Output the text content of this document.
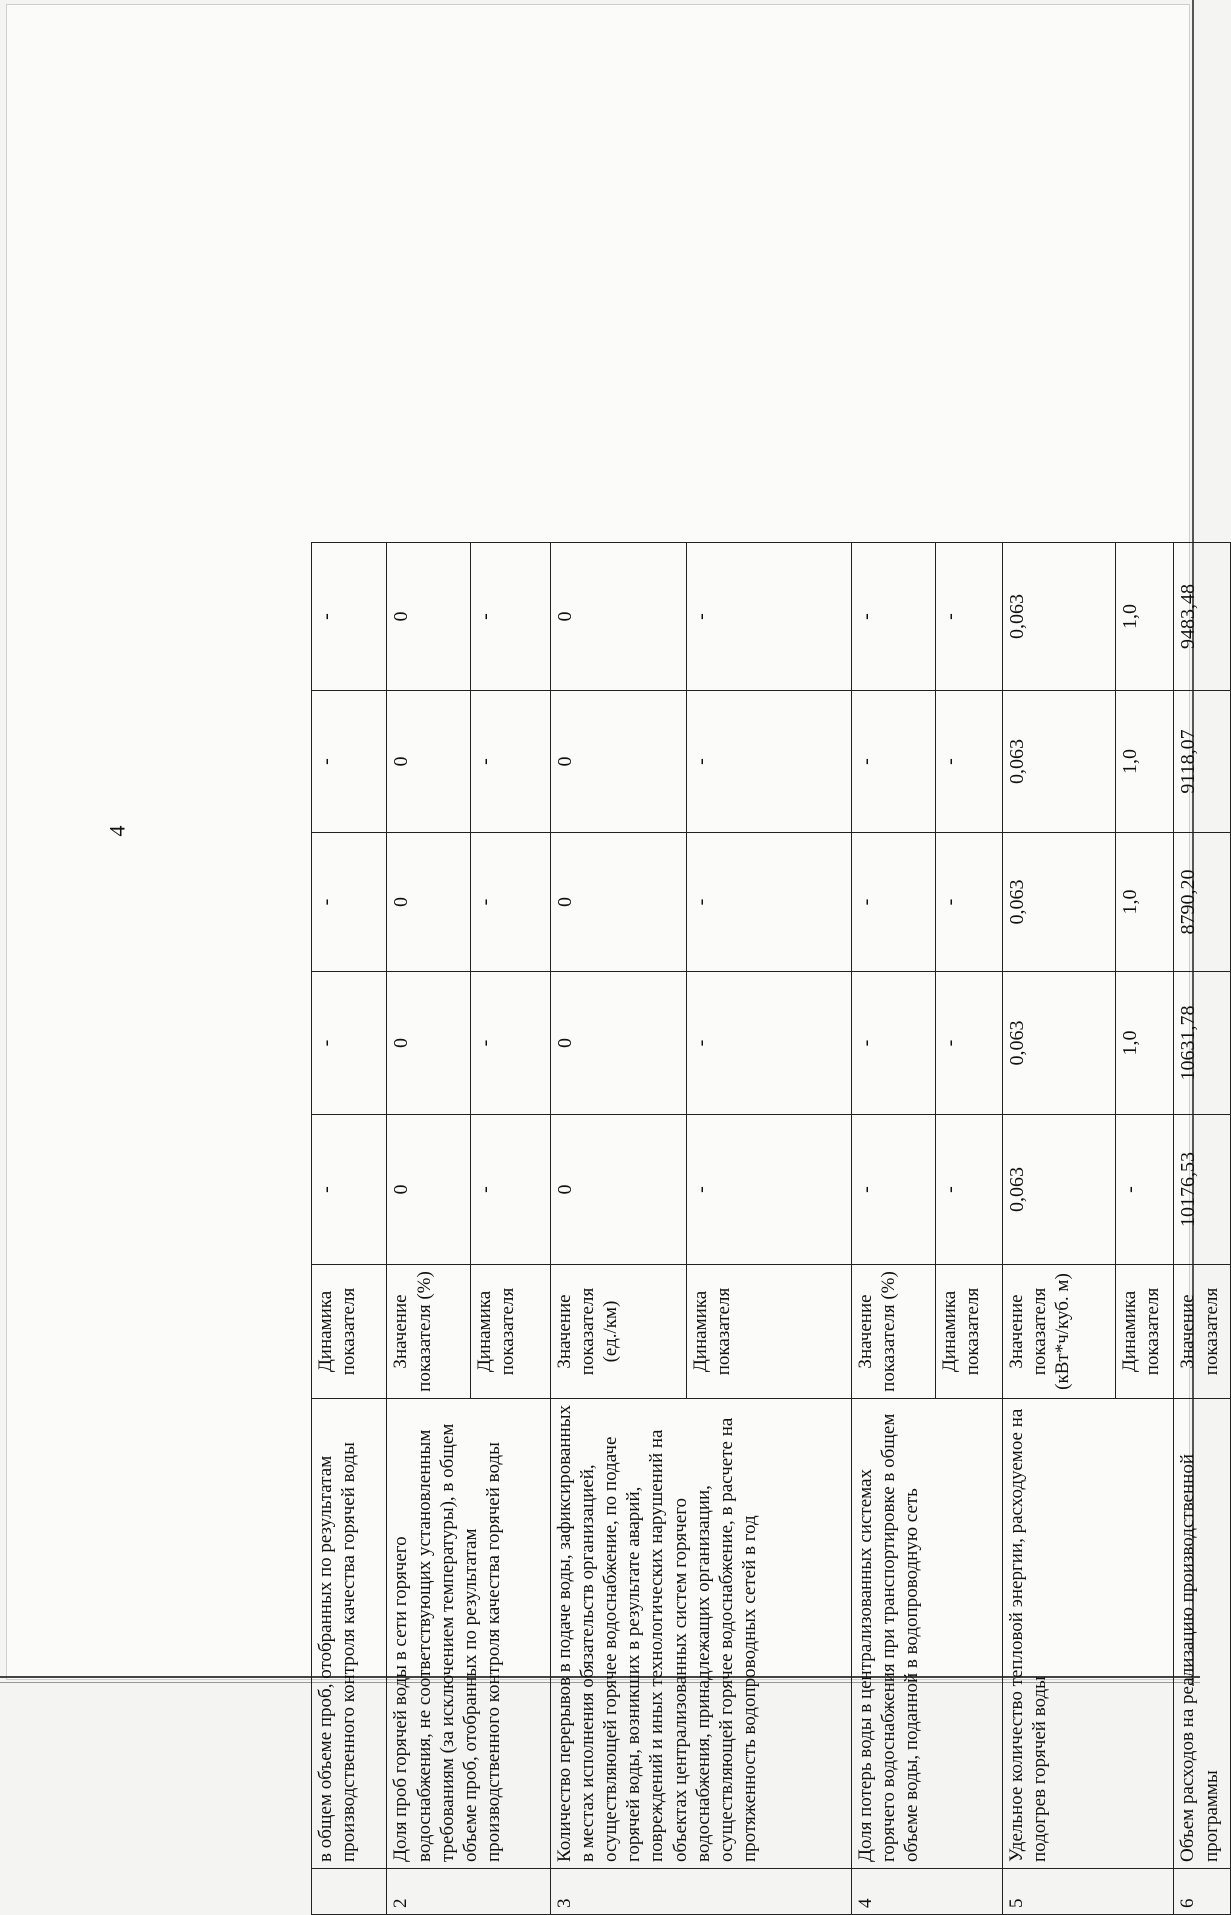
4
	в общем объеме проб, отобранных по результатам производственного контроля качества горячей воды	Динамика показателя	-	-	-	-	-
2	Доля проб горячей воды в сети горячего водоснабжения, не соответствующих установленным требованиям (за исключением температуры), в общем объеме проб, отобранных по результатам производственного контроля качества горячей воды	Значение показателя (%)	0	0	0	0	0
		Динамика показателя	-	-	-	-	-
3	Количество перерывов в подаче воды, зафиксированных в местах исполнения обязательств организацией, осуществляющей горячее водоснабжение, по подаче горячей воды, возникших в результате аварий, повреждений и иных технологических нарушений на объектах централизованных систем горячего водоснабжения, принадлежащих организации, осуществляющей горячее водоснабжение, в расчете на протяженность водопроводных сетей в год	Значение показателя (ед./км)	0	0	0	0	0
		Динамика показателя	-	-	-	-	-
4	Доля потерь воды в централизованных системах горячего водоснабжения при транспортировке в общем объеме воды, поданной в водопроводную сеть	Значение показателя (%)	-	-	-	-	-
		Динамика показателя	-	-	-	-	-
5	Удельное количество тепловой энергии, расходуемое на подогрев горячей воды	Значение показателя (кВт*ч/куб. м)	0,063	0,063	0,063	0,063	0,063
		Динамика показателя	-	1,0	1,0	1,0	1,0
6	Объем расходов на реализацию производственной программы	Значение показателя	10176,53	10631,78	8790,20	9118,07	9483,48
